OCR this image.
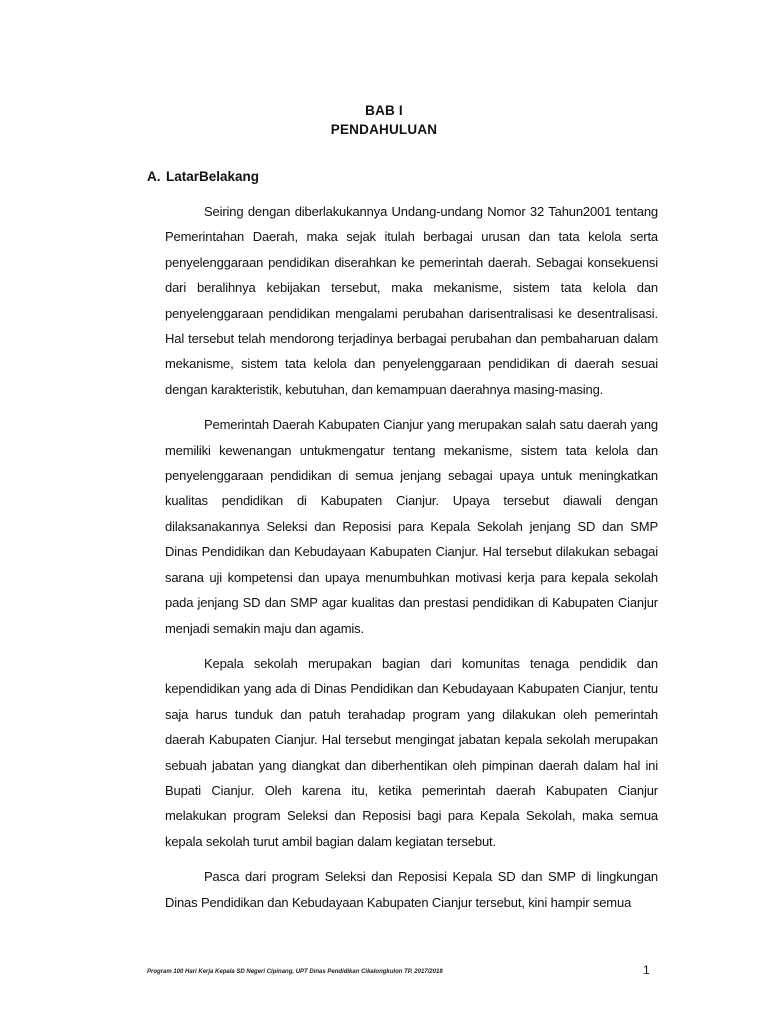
BAB I
PENDAHULUAN
A. LatarBelakang

Seiring dengan diberlakukannya Undang-undang Nomor 32 Tahun2001 tentang Pemerintahan Daerah, maka sejak itulah berbagai urusan dan tata kelola serta penyelenggaraan pendidikan diserahkan ke pemerintah daerah. Sebagai konsekuensi dari beralihnya kebijakan tersebut, maka mekanisme, sistem tata kelola dan penyelenggaraan pendidikan mengalami perubahan darisentralisasi ke desentralisasi. Hal tersebut telah mendorong terjadinya berbagai perubahan dan pembaharuan dalam mekanisme, sistem tata kelola dan penyelenggaraan pendidikan di daerah sesuai dengan karakteristik, kebutuhan, dan kemampuan daerahnya masing-masing.

Pemerintah Daerah Kabupaten Cianjur yang merupakan salah satu daerah yang memiliki kewenangan untukmengatur tentang mekanisme, sistem tata kelola dan penyelenggaraan pendidikan di semua jenjang sebagai upaya untuk meningkatkan kualitas pendidikan di Kabupaten Cianjur. Upaya tersebut diawali dengan dilaksanakannya Seleksi dan Reposisi para Kepala Sekolah jenjang SD dan SMP Dinas Pendidikan dan Kebudayaan Kabupaten Cianjur. Hal tersebut dilakukan sebagai sarana uji kompetensi dan upaya menumbuhkan motivasi kerja para kepala sekolah pada jenjang SD dan SMP agar kualitas dan prestasi pendidikan di Kabupaten Cianjur menjadi semakin maju dan agamis.

Kepala sekolah merupakan bagian dari komunitas tenaga pendidik dan kependidikan yang ada di Dinas Pendidikan dan Kebudayaan Kabupaten Cianjur, tentu saja harus tunduk dan patuh terahadap program yang dilakukan oleh pemerintah daerah Kabupaten Cianjur. Hal tersebut mengingat jabatan kepala sekolah merupakan sebuah jabatan yang diangkat dan diberhentikan oleh pimpinan daerah dalam hal ini Bupati Cianjur. Oleh karena itu, ketika pemerintah daerah Kabupaten Cianjur melakukan program Seleksi dan Reposisi bagi para Kepala Sekolah, maka semua kepala sekolah turut ambil bagian dalam kegiatan tersebut.

Pasca dari program Seleksi dan Reposisi Kepala SD dan SMP di lingkungan Dinas Pendidikan dan Kebudayaan Kabupaten Cianjur tersebut, kini hampir semua

Program 100 Hari Kerja Kepala SD Negeri Cipinang, UPT Dinas Pendidikan Cikalongkulon TP. 2017/2018	1
